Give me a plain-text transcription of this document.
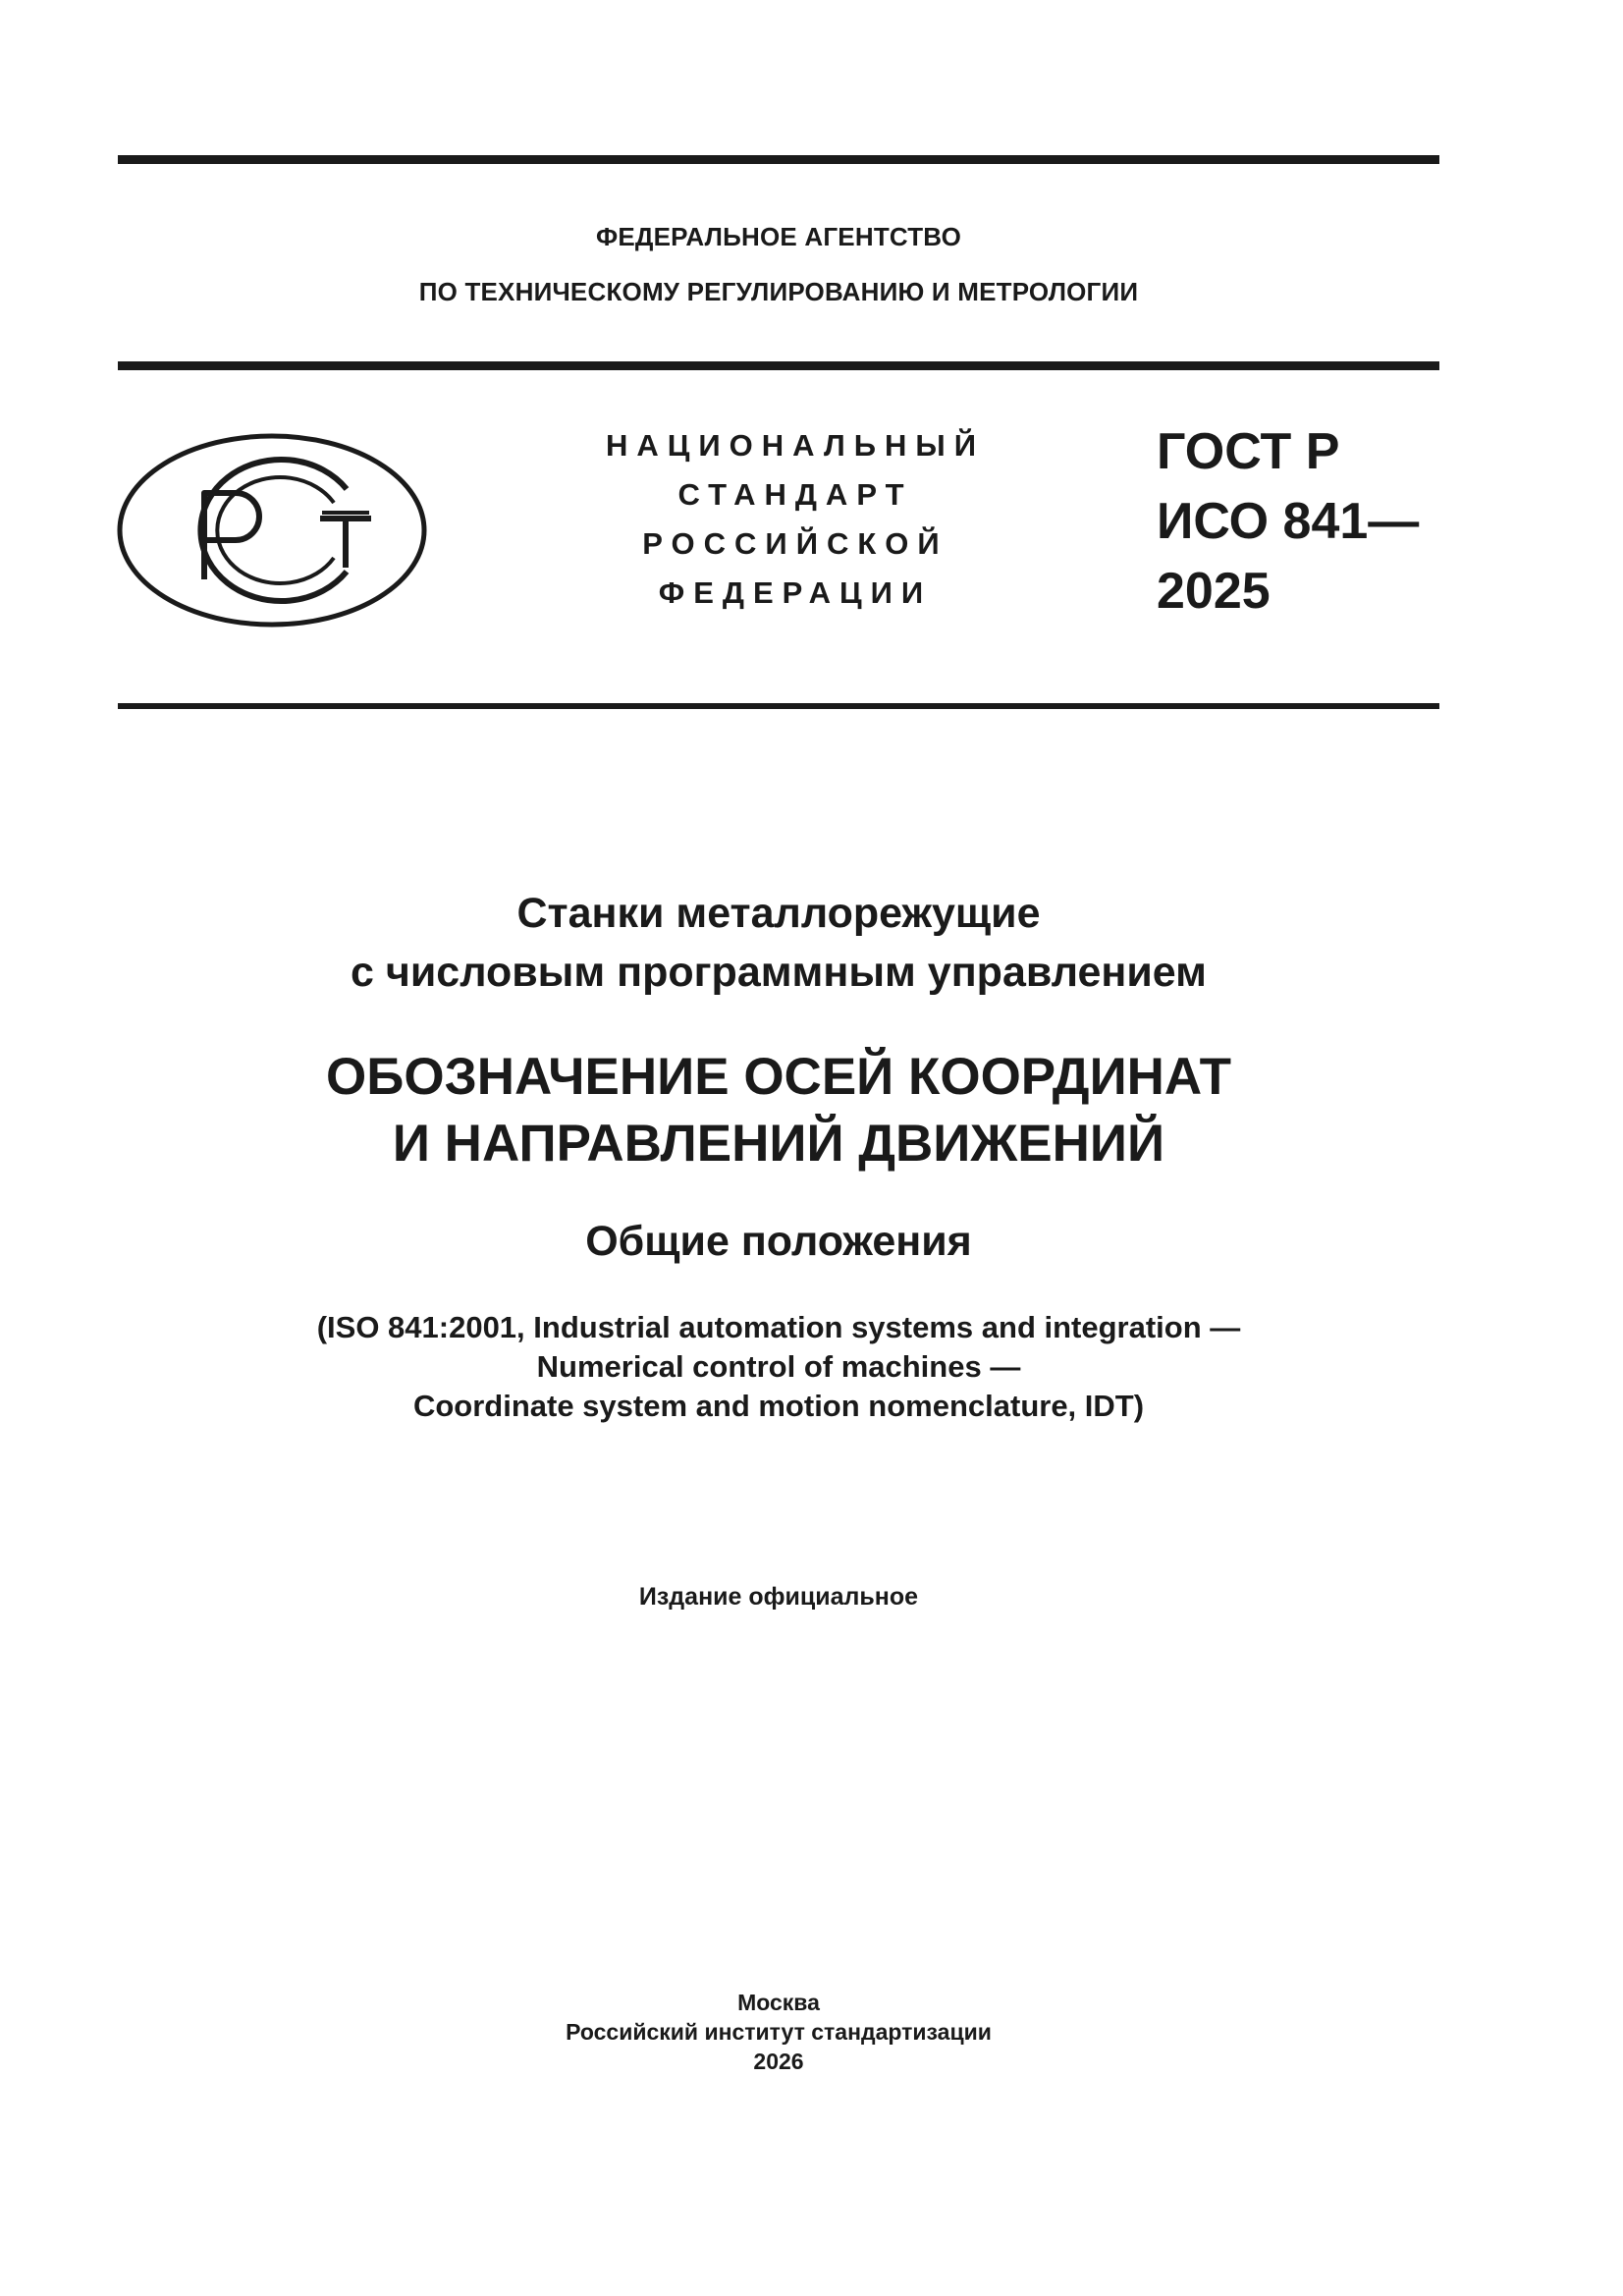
ФЕДЕРАЛЬНОЕ АГЕНТСТВО
ПО ТЕХНИЧЕСКОМУ РЕГУЛИРОВАНИЮ И МЕТРОЛОГИИ
НАЦИОНАЛЬНЫЙ
СТАНДАРТ
РОССИЙСКОЙ
ФЕДЕРАЦИИ
ГОСТ Р
ИСО 841—
2025
Станки металлорежущие
с числовым программным управлением
ОБОЗНАЧЕНИЕ ОСЕЙ КООРДИНАТ
И НАПРАВЛЕНИЙ ДВИЖЕНИЙ
Общие положения
(ISO 841:2001, Industrial automation systems and integration —
Numerical control of machines —
Coordinate system and motion nomenclature, IDT)
Издание официальное
Москва
Российский институт стандартизации
2026
